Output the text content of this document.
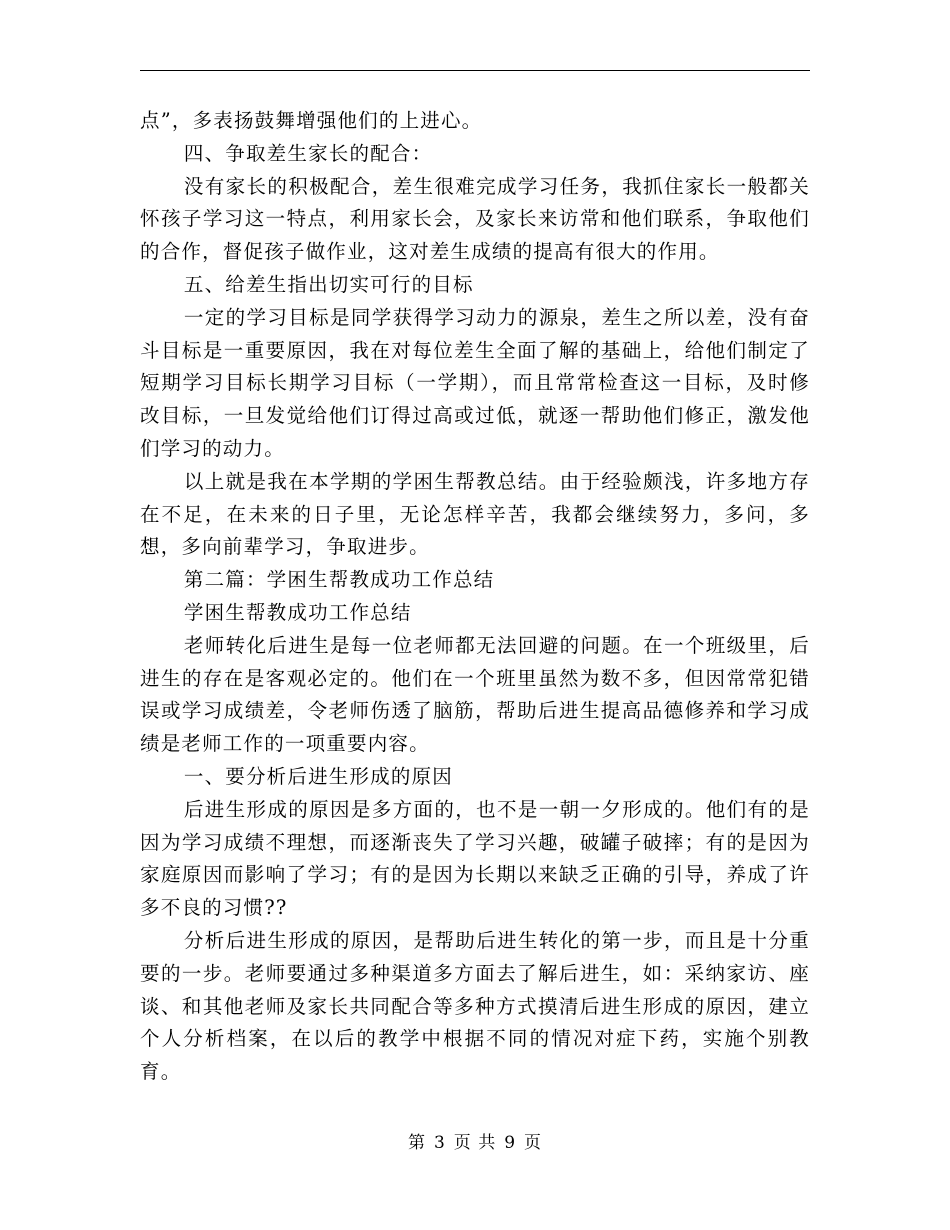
点”，多表扬鼓舞增强他们的上进心。

四、争取差生家长的配合：

没有家长的积极配合，差生很难完成学习任务，我抓住家长一般都关怀孩子学习这一特点，利用家长会，及家长来访常和他们联系，争取他们的合作，督促孩子做作业，这对差生成绩的提高有很大的作用。

五、给差生指出切实可行的目标

一定的学习目标是同学获得学习动力的源泉，差生之所以差，没有奋斗目标是一重要原因，我在对每位差生全面了解的基础上，给他们制定了短期学习目标长期学习目标（一学期），而且常常检查这一目标，及时修改目标，一旦发觉给他们订得过高或过低，就逐一帮助他们修正，激发他们学习的动力。

以上就是我在本学期的学困生帮教总结。由于经验颇浅，许多地方存在不足，在未来的日子里，无论怎样辛苦，我都会继续努力，多问，多想，多向前辈学习，争取进步。

第二篇：学困生帮教成功工作总结

学困生帮教成功工作总结

老师转化后进生是每一位老师都无法回避的问题。在一个班级里，后进生的存在是客观必定的。他们在一个班里虽然为数不多，但因常常犯错误或学习成绩差，令老师伤透了脑筋，帮助后进生提高品德修养和学习成绩是老师工作的一项重要内容。

一、要分析后进生形成的原因

后进生形成的原因是多方面的，也不是一朝一夕形成的。他们有的是因为学习成绩不理想，而逐渐丧失了学习兴趣，破罐子破摔；有的是因为家庭原因而影响了学习；有的是因为长期以来缺乏正确的引导，养成了许多不良的习惯??

分析后进生形成的原因，是帮助后进生转化的第一步，而且是十分重要的一步。老师要通过多种渠道多方面去了解后进生，如：采纳家访、座谈、和其他老师及家长共同配合等多种方式摸清后进生形成的原因，建立个人分析档案，在以后的教学中根据不同的情况对症下药，实施个别教育。

第 3 页 共 9 页
